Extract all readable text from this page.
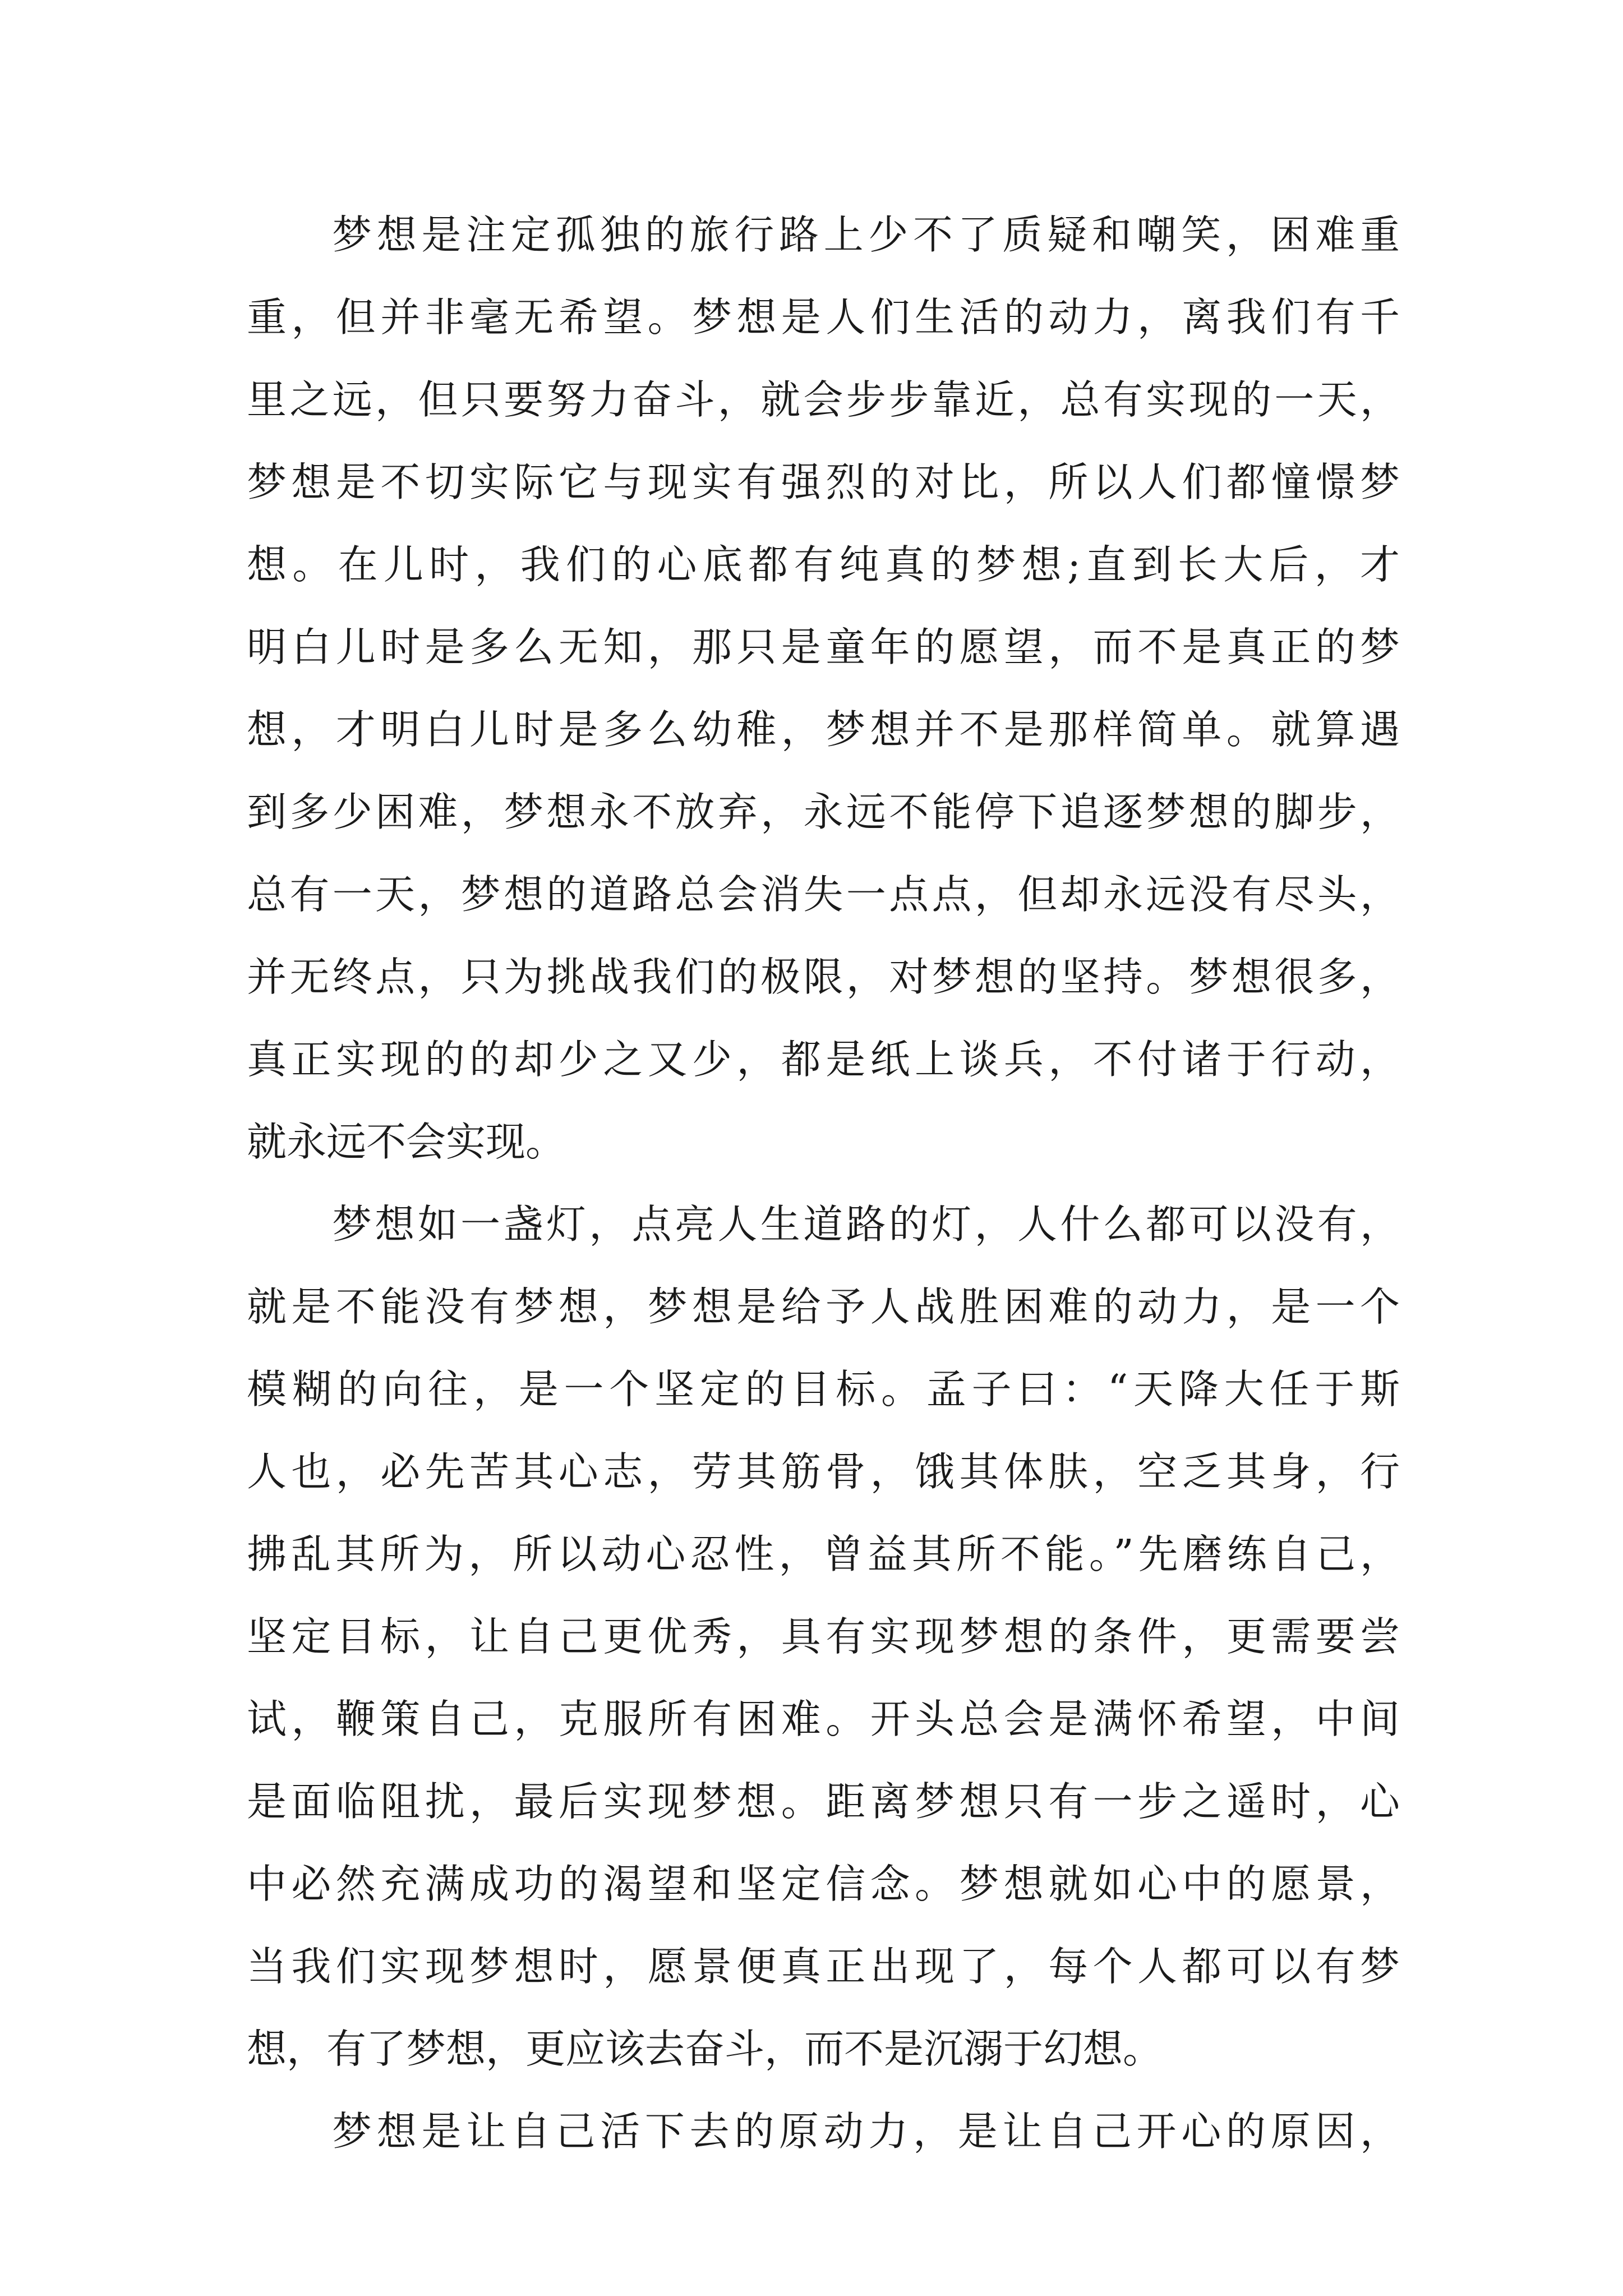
梦想是注定孤独的旅行路上少不了质疑和嘲笑，困难重
重，但并非毫无希望。梦想是人们生活的动力，离我们有千
里之远，但只要努力奋斗，就会步步靠近，总有实现的一天，
梦想是不切实际它与现实有强烈的对比，所以人们都憧憬梦
想。在儿时，我们的心底都有纯真的梦想;直到长大后，才
明白儿时是多么无知，那只是童年的愿望，而不是真正的梦
想，才明白儿时是多么幼稚，梦想并不是那样简单。就算遇
到多少困难，梦想永不放弃，永远不能停下追逐梦想的脚步，
总有一天，梦想的道路总会消失一点点，但却永远没有尽头，
并无终点，只为挑战我们的极限，对梦想的坚持。梦想很多，
真正实现的的却少之又少，都是纸上谈兵，不付诸于行动，
就永远不会实现。
梦想如一盏灯，点亮人生道路的灯，人什么都可以没有，
就是不能没有梦想，梦想是给予人战胜困难的动力，是一个
模糊的向往，是一个坚定的目标。孟子曰：“天降大任于斯
人也，必先苦其心志，劳其筋骨，饿其体肤，空乏其身，行
拂乱其所为，所以动心忍性，曾益其所不能。”先磨练自己，
坚定目标，让自己更优秀，具有实现梦想的条件，更需要尝
试，鞭策自己，克服所有困难。开头总会是满怀希望，中间
是面临阻扰，最后实现梦想。距离梦想只有一步之遥时，心
中必然充满成功的渴望和坚定信念。梦想就如心中的愿景，
当我们实现梦想时，愿景便真正出现了，每个人都可以有梦
想，有了梦想，更应该去奋斗，而不是沉溺于幻想。
梦想是让自己活下去的原动力，是让自己开心的原因，
